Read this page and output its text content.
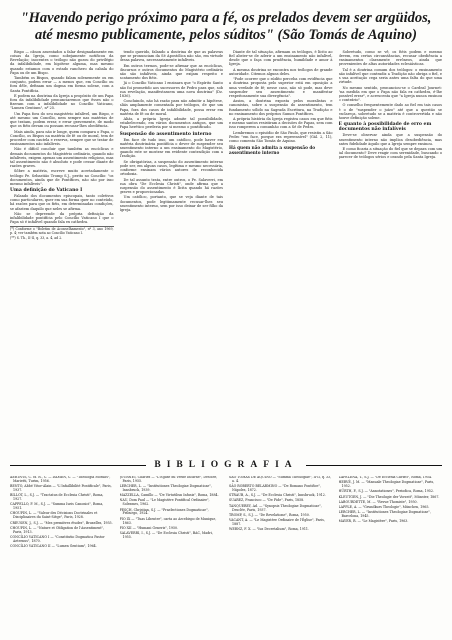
"Havendo perigo próximo para a fé, os prelados devem ser argüidos, até mesmo publicamente, pelos súditos" (São Tomás de Aquino)

Bispo — cânon assentados a falar designadamente em coisas da Igreja, como sobejamente notificou da Revelação; inocentes o teólogo não gozou do privilégio da infalibilidade, em hipótese alguma, mas mesmo quando estamos com o estado ranchero da cabala do Papa ou de um Bispo.

Também os Bispos, quando falam solenemente ou em conjunto, podem errar — a menos que, em Concílio ou fora dêle, definam um dogma em forma solene, com a Santa Pontifícia.

E podem na doutrina da Igreja a propósito de um Papa fora da infalibilidade pronunciaremos que êsses não o fizeram com a infalibilidade no Concílio Vaticano, "Lumen Gentium", nº 25.

Um Papa fora do seu magistério infalível, um Bispo, e até mesmo um Concílio, nem sempre nas matérias de que tratam, podem errar, e errar gravemente, de modo que os fiéis devam ou possam recusar-lhes obediência.

Mais ainda, para não ir longe, quem compara o Papa, o Concílio, os Bispos na matéria de fé ou de moral, tem de proceder com cautela e reserva, sempre que se tratar de ensinamentos não infalíveis.

Não é difícil concluir que também as encíclicas e demais documentos do Magistério ordinário, quando não infalíveis, exigem apenas um assentimento religioso, mas tal assentimento não é absoluto e pode cessar diante de razões graves.

Sôbre a matéria, escreve muito acertadamente o teólogo Pe. Sebastião Tromp S.J., perito no Concílio: "os documentos, ainda que de Pontífices, não são por isso mesmo infalíveis".

Uma definição do Vaticano I

Falando dos documentos episcopais, tanto coletivos como particulares, quer em sua forma quer no conteúdo, há razões para que os fiéis, em determinadas condições, se afastem daquilo que neles se afirma.

Não se depreende da própria definição da infalibilidade pontifícia pelo Concílio Vaticano I que o Papa só é infalível quando fala ex cathedra.

(*) Conforme o "Boletim de Aconselhamento", nº 3, ano 1969, p. 4; ver também nota ao Concílio Vaticano I.

(**) S. Th., II-II, q. 33, a. 4, ad 2.

tendo querido, falando a doutrina de que as palavras que se pronunciam da Sé Apostólica não são, em virtude dessa palavra, necessariamente infalíveis.

Em outros termos, pode-se afirmar que as encíclicas, discursos e outros documentos do Magistério ordinário não são infalíveis, ainda que exijam respeito e acatamento dos fiéis.

Já o Concílio Vaticano I ensinara que "o Espírito Santo não foi prometido aos sucessores de Pedro para que, sob sua revelação, manifestassem uma nova doutrina" (Dz. 1836).

Concluindo, não há razão para não admitir a hipótese, aliás amplamente comentada por teólogos, de que um Papa, fora dos casos de infalibilidade, possa errar em matéria de fé ou de moral.

Aliás, a própria Igreja admite tal possibilidade, estabelecendo, em vários documentos antigos, que um Papa herético perderia por si mesmo o pontificado.

Suspensão do assentimento interno

Em face de tudo isso, um católico, pode haver em matéria doutrinária pontifícia o dever de suspender seu assentimento interno a um ensinamento do Magistério, quando este se mostrar em evidente contradição com a Tradição.

Se obrigatórias, a suspensão do assentimento interno pode ser, em alguns casos, legítima e mesmo necessária, conforme ensinam vários autores de reconhecida ortodoxia.

De tal assunto trata, entre outros, o Pe. Salaverri, em sua obra "De Ecclesia Christi", onde afirma que a suspensão do assentimento é lícita quando há razões graves e proporcionadas.

Um católico, portanto, que se veja diante de tais documentos, pode legitimamente recusar-lhes seu assentimento interno, sem por isso deixar de ser filho da Igreja.

Diante de tal situação, afirmam os teólogos, é lícito ao fiel abster-se de aderir a um ensinamento não infalível, desde que o faça com prudência, humildade e amor à Igreja.

A mesma doutrina se encontra nos teólogos de grande autoridade. Citemos alguns deles.

"Pode ocorrer que o súdito perceba com evidência que a doutrina proposta pelo superior está em oposição a uma verdade de fé; nesse caso, não só pode, mas deve suspender seu assentimento e manifestar respeitosamente sua divergência".

Assim, a doutrina exposta pelos moralistas e canonistas, sobre a suspensão do assentimento, tem fundamento sólido na Sagrada Escritura, na Tradição e no ensinamento dos próprios Sumos Pontífices.

A própria história da Igreja registra casos em que fiéis e mesmo santos resistiram a decisões de Papas, sem com isso romperem a comunhão com a Sé de Pedro.

Lembremos o episódio de São Paulo, que resistiu a São Pedro "em face, porque era repreensível" (Gál. 2, 11), como comenta São Tomás de Aquino.

Há quem não admita a suspensão do assentimento interno

Sobretudo, como se vê, os fiéis podem e mesmo devem, em certas circunstâncias, recusar obediência a ensinamentos claramente errôneos, ainda que provenientes de altas autoridades eclesiásticas.

Tal é a doutrina comum dos teólogos: o ensinamento não infalível que contradiz a Tradição não obriga o fiel, e a sua aceitação cega seria antes uma falta do que uma virtude.

No mesmo sentido, pronunciou-se o Cardeal Journet: "na medida em que o Papa não fala ex cathedra, é-lhe possível errar", e acrescenta que "a Igreja nunca ensinou o contrário".

O conselho frequentemente dado ao fiel em tais casos é o de "suspender o juízo" até que a questão se esclareça, sobretudo se a matéria é controvertida e não houve definição solene.

E quanto à possibilidade de erro em documentos não infalíveis

Deve-se observar ainda que a suspensão do assentimento interno não implica desobediência, mas antes fidelidade àquilo que a Igreja sempre ensinou.

E como ficaria a situação do fiel que se depara com um tal documento? Deve reagir com serenidade, buscando o parecer de teólogos sérios e orando pela Santa Igreja.

BIBLIOGRAFIA

AERTNYS, C. M. R., C. — DAMEN, C. — "Theologia Moralis", Marietti, Turim, 1956.

BENTO, Abbé Vitor-Alain — "L'Infaillibilité Pontificale", Paris, 1937.

BILLOT, L., S.J. — "Tractatus de Ecclesia Christi", Roma, 1927.

CAPPELLO, F. M., S.J. — "Summa Iuris Canonici", Roma, 1951.

CHOUPIN, L. — "Valeur des Décisions Doctrinales et Disciplinaires du Saint-Siège", Paris, 1928.

CREUSEN, J., S.J. — "Mes premières études", Bruxelles, 1955.

CHOUPIN, L. — "Nature et Obligation de l'Assentiment", Paris, 1913.

CONCÍLIO VATICANO I — "Constitutio Dogmatica Pastor Aeternus", 1870.

CONCÍLIO VATICANO II — "Lumen Gentium", 1964.

JOURNET, Charles — "L'Église du Verbe Incarné", Desclée, Paris, 1955.

LERCHER, L. — "Institutiones Theologiae Dogmaticae", Innsbruck, 1939.

MAZZELLA, Camillo — "De Virtutibus Infusis", Roma, 1884.

NAU, Dom Paul — "Le Magistère Pontifical Ordinaire", Solesmes, 1962.

PESCH, Christian, S.J. — "Praelectiones Dogmaticae", Friburgo, 1924.

PIO IX — "Tuas Libenter", carta ao Arcebispo de Munique, 1863.

PIO XII — "Humani Generis", 1950.

SALAVERRI, I., S.J. — "De Ecclesia Christi", BAC, Madri, 1955.

SÃO TOMÁS DE AQUINO — "Summa Theologiae", II-II, q. 33, a. 4.

SÃO ROBERTO BELARMINO — "De Romano Pontifice", Nápoles, 1872.

STRAUB, A., S.J. — "De Ecclesia Christi", Innsbruck, 1912.

SUAREZ, Francisco — "De Fide", Paris, 1858.

TANQUEREY, Ad. — "Synopsis Theologiae Dogmaticae", Desclée, Paris, 1937.

TROMP, S., S.J. — "De Revelatione", Roma, 1950.

VACANT, A. — "Le Magistère Ordinaire de l'Église", Paris, 1887.

WERNZ, F. X. — "Ius Decretalium", Roma, 1911.

ZAPELENA, T., S.J. — "De Ecclesia Christi", Roma, 1954.

HERVÉ, J. M. — "Manuale Theologiae Dogmaticae", Paris, 1952.

HÜRTH, F., S.J. — "Annotationes", Periodica, Roma, 1952.

KLEUTGEN, J. — "Die Theologie der Vorzeit", Münster, 1867.

LABOURDETTE, M. — "Revue Thomiste", 1950.

LAPPLE, A. — "Grundkurs Theologie", München, 1965.

LERCHER, L. — "Institutiones Theologiae Dogmaticae", Barcelona, 1945.

MAYER, R. — "Le Magistère", Paris, 1963.
